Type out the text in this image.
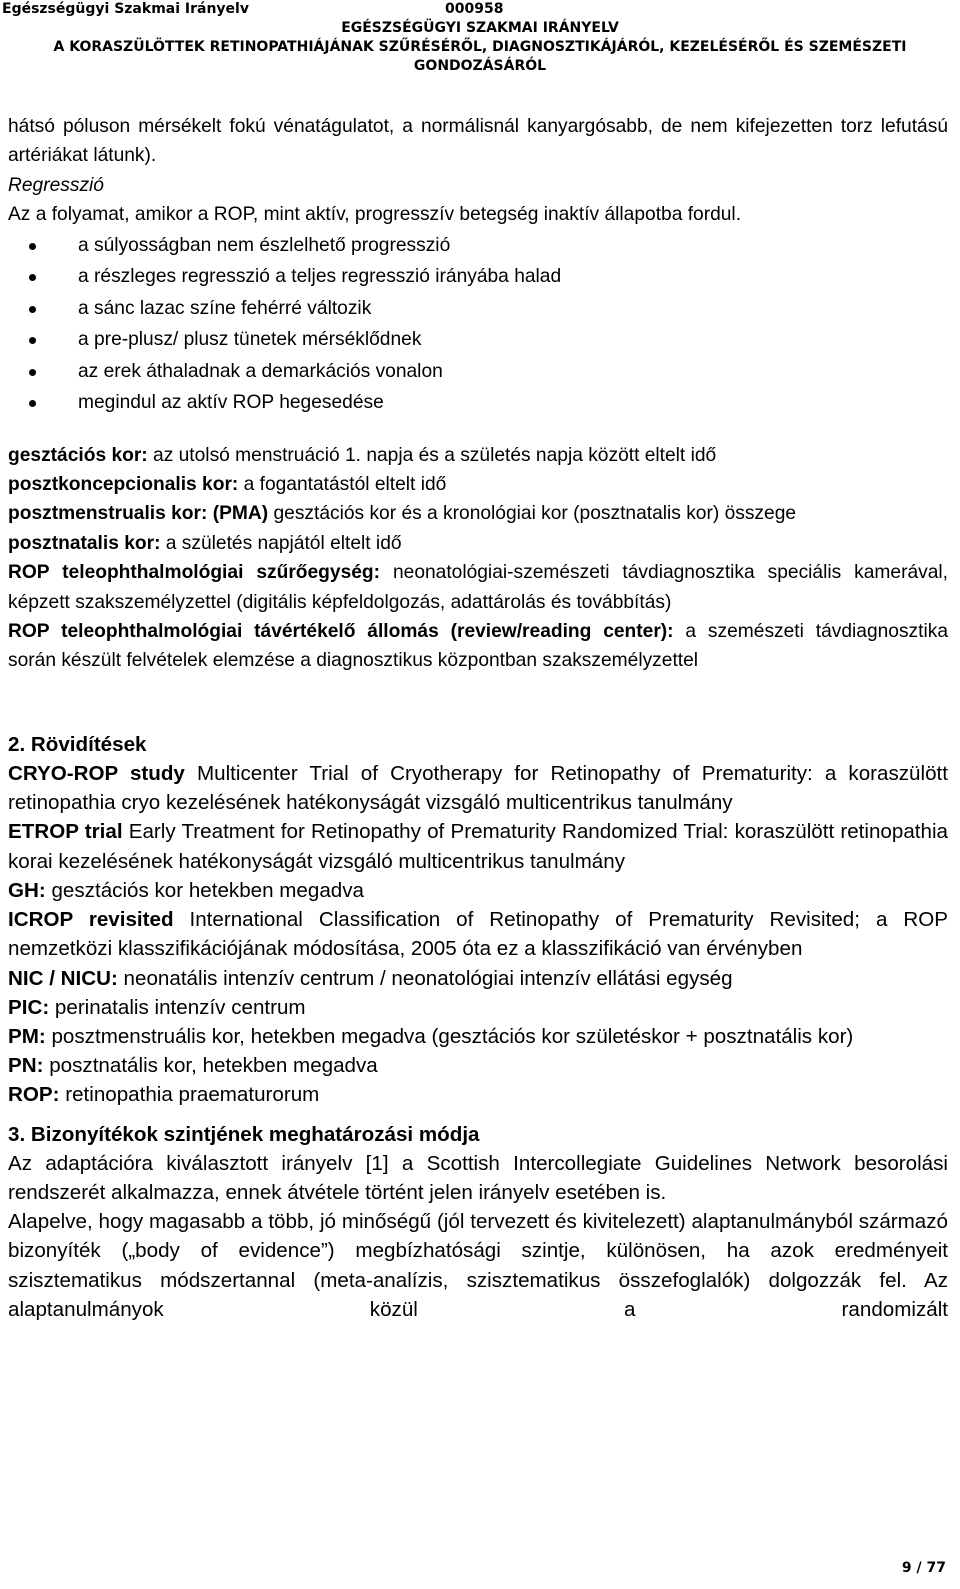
Egészségügyi Szakmai Irányelv	000958
EGÉSZSÉGÜGYI SZAKMAI IRÁNYELV
A KORASZÜLÖTTEK RETINOPATHIÁJÁNAK SZŰRÉSÉRŐL, DIAGNOSZTIKÁJÁRÓL, KEZELÉSÉRŐL ÉS SZEMÉSZETI
GONDOZÁSÁRÓL

hátsó póluson mérsékelt fokú vénatágulatot, a normálisnál kanyargósabb, de nem kifejezetten torz lefutású artériákat látunk).

Regresszió

Az a folyamat, amikor a ROP, mint aktív, progresszív betegség inaktív állapotba fordul.

a súlyosságban nem észlelhető progresszió
a részleges regresszió a teljes regresszió irányába halad
a sánc lazac színe fehérré változik
a pre-plusz/ plusz tünetek mérséklődnek
az erek áthaladnak a demarkációs vonalon
megindul az aktív ROP hegesedése

gesztációs kor: az utolsó menstruáció 1. napja és a születés napja között eltelt idő

posztkoncepcionalis kor: a fogantatástól eltelt idő

posztmenstrualis kor: (PMA) gesztációs kor és a kronológiai kor (posztnatalis kor) összege

posztnatalis kor: a születés napjától eltelt idő

ROP teleophthalmológiai szűrőegység: neonatológiai-szemészeti távdiagnosztika speciális kamerával, képzett szakszemélyzettel (digitális képfeldolgozás, adattárolás és továbbítás)

ROP teleophthalmológiai távértékelő állomás (review/reading center): a szemészeti távdiagnosztika során készült felvételek elemzése a diagnosztikus központban szakszemélyzettel

2. Rövidítések

CRYO-ROP study Multicenter Trial of Cryotherapy for Retinopathy of Prematurity: a koraszülött retinopathia cryo kezelésének hatékonyságát vizsgáló multicentrikus tanulmány

ETROP trial Early Treatment for Retinopathy of Prematurity Randomized Trial: koraszülött retinopathia korai kezelésének hatékonyságát vizsgáló multicentrikus tanulmány

GH: gesztációs kor hetekben megadva

ICROP revisited International Classification of Retinopathy of Prematurity Revisited; a ROP nemzetközi klasszifikációjának módosítása, 2005 óta ez a klasszifikáció van érvényben

NIC / NICU: neonatális intenzív centrum / neonatológiai intenzív ellátási egység

PIC: perinatalis intenzív centrum

PM: posztmenstruális kor, hetekben megadva (gesztációs kor születéskor + posztnatális kor)

PN: posztnatális kor, hetekben megadva

ROP: retinopathia praematurorum

3. Bizonyítékok szintjének meghatározási módja

Az adaptációra kiválasztott irányelv [1] a Scottish Intercollegiate Guidelines Network besorolási rendszerét alkalmazza, ennek átvétele történt jelen irányelv esetében is.

Alapelve, hogy magasabb a több, jó minőségű (jól tervezett és kivitelezett) alaptanulmányból származó bizonyíték („body of evidence”) megbízhatósági szintje, különösen, ha azok eredményeit szisztematikus módszertannal (meta-analízis, szisztematikus összefoglalók) dolgozzák fel. Az alaptanulmányok közül a randomizált

9 / 77
